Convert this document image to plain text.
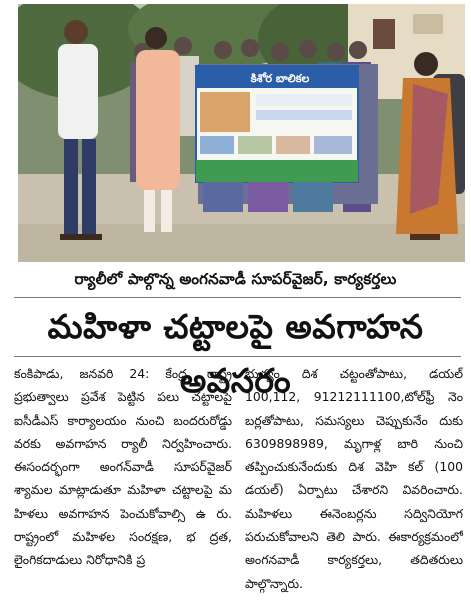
కిశోర బాలికల
ర్యాలీలో పాల్గొన్న అంగనవాడీ సూపర్‌వైజర్‌, కార్యకర్తలు
మహిళా చట్టాలపై అవగాహన అవసరం

కంకిపాడు, జనవరి 24: కేంద్ర, రాష్ట్ర ప్రభుత్వాలు ప్రవేశ పెట్టిన పలు చట్టాలపై ఐసీడీఎస్‌ కార్యాలయం నుంచి బందరురోడ్డు వరకు అవగాహన ర్యాలీ నిర్వహించారు. ఈసందర్భంగా అంగన్‌వాడీ సూపర్‌వైజర్‌ శ్యామల మాట్లాడుతూ మహిళా చట్టాలపై మ హిళలు అవగాహన పెంచుకోవాల్సి ఉ రు. రాష్ట్రంలో మహిళల సంరక్షణ, భ ద్రత, లైంగికదాడులు నిరోధానికి ప్ర

భుత్వం దిశ చట్టంతోపాటు, డయల్‌ 100,112, 91212111100,టోల్‌ఫ్రీ నెం బర్లతోపాటు, సమస్యలు చెప్పుకునేం దుకు 6309898989, మృగాళ్ల బారి నుంచి తప్పించుకునేందుకు దిశ వెహి కల్‌ (100 డయల్‌) ఏర్పాటు చేశారని వివరించారు. మహిళలు ఈనెంబర్లను సద్వినియోగ పరుచుకోవాలని తెలి పారు. ఈకార్యక్రమంలో అంగనవాడీ కార్యకర్తలు, తదితరులు పాల్గొన్నారు.
